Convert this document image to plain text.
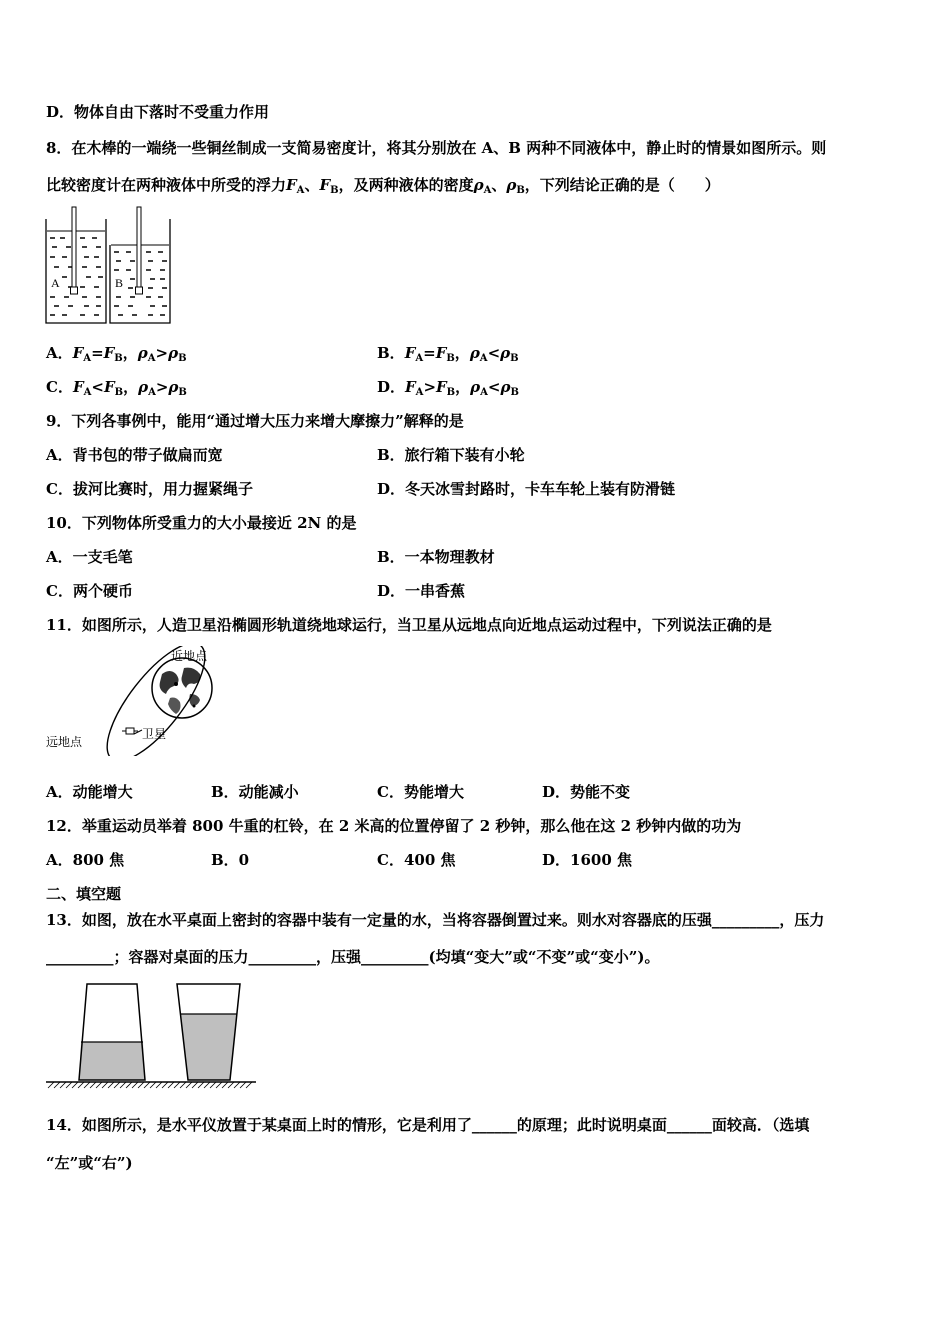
D．物体自由下落时不受重力作用
8．在木棒的一端绕一些铜丝制成一支简易密度计，将其分别放在 A、B 两种不同液体中，静止时的情景如图所示。则
比较密度计在两种液体中所受的浮力$F_A$、$F_B$，及两种液体的密度$\rho_A$、$\rho_B$，下列结论正确的是（　　）
A	B
A．$F_A=F_B$，$\rho_A>\rho_B$	B．$F_A=F_B$，$\rho_A<\rho_B$
C．$F_A<F_B$，$\rho_A>\rho_B$	D．$F_A>F_B$，$\rho_A<\rho_B$
9．下列各事例中，能用“通过增大压力来增大摩擦力”解释的是
A．背书包的带子做扁而宽	B．旅行箱下装有小轮
C．拔河比赛时，用力握紧绳子	D．冬天冰雪封路时，卡车车轮上装有防滑链
10．下列物体所受重力的大小最接近 2N 的是
A．一支毛笔	B．一本物理教材
C．两个硬币	D．一串香蕉
11．如图所示，人造卫星沿椭圆形轨道绕地球运行，当卫星从远地点向近地点运动过程中，下列说法正确的是
近地点
远地点
卫星
A．动能增大	B．动能减小	C．势能增大	D．势能不变
12．举重运动员举着 800 牛重的杠铃，在 2 米高的位置停留了 2 秒钟，那么他在这 2 秒钟内做的功为
A．800 焦	B．0	C．400 焦	D．1600 焦
二、填空题
13．如图，放在水平桌面上密封的容器中装有一定量的水，当将容器倒置过来。则水对容器底的压强_________，压力
_________；容器对桌面的压力_________，压强_________(均填“变大”或“不变”或“变小”)。
14．如图所示，是水平仪放置于某桌面上时的情形，它是利用了______的原理；此时说明桌面______面较高．（选填
“左”或“右”)
